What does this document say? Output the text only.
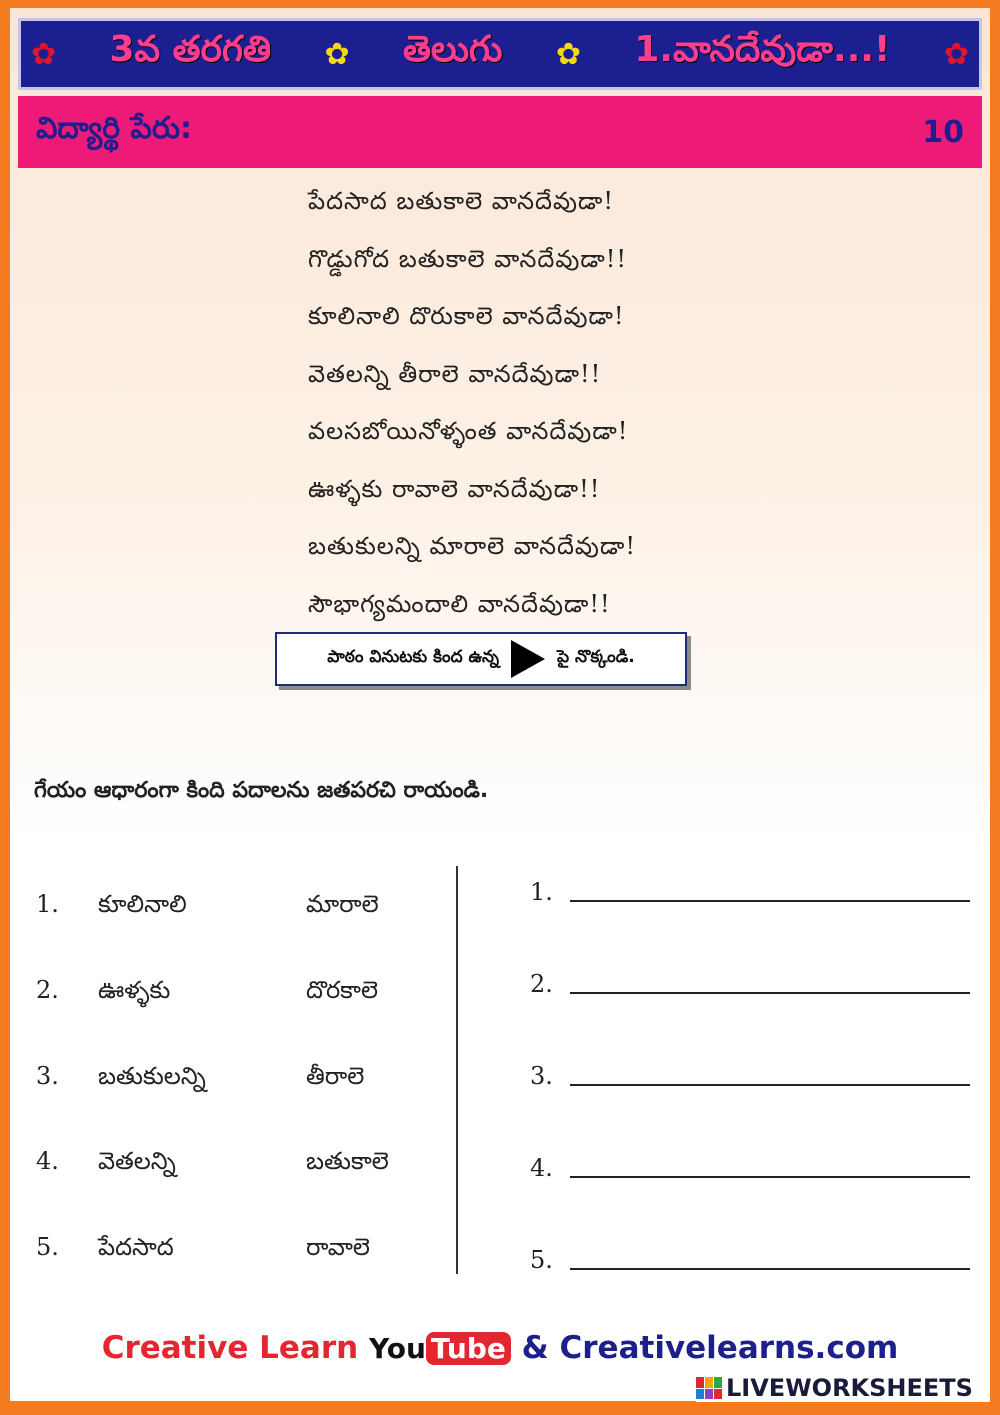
✿ 3వ తరగతి ✿ తెలుగు ✿ 1.వానదేవుడా...! ✿
విద్యార్థి పేరు:	10
పేదసాద బతుకాలె వానదేవుడా!
గొడ్డుగోద బతుకాలె వానదేవుడా!!
కూలినాలి దొరుకాలె వానదేవుడా!
వెతలన్ని తీరాలె వానదేవుడా!!
వలసబోయినోళ్ళంత వానదేవుడా!
ఊళ్ళకు రావాలె వానదేవుడా!!
బతుకులన్ని మారాలె వానదేవుడా!
సౌభాగ్యమందాలి వానదేవుడా!!
పాఠం వినుటకు కింద ఉన్న	పై నొక్కండి.
గేయం ఆధారంగా కింది పదాలను జతపరచి రాయండి.
1. కూలినాలి	మారాలె
2. ఊళ్ళకు	దొరకాలె
3. బతుకులన్ని	తీరాలె
4. వెతలన్ని	బతుకాలె
5. పేదసాద	రావాలె
1.
2.
3.
4.
5.
Creative Learn You Tube & Creativelearns.com
LIVEWORKSHEETS
